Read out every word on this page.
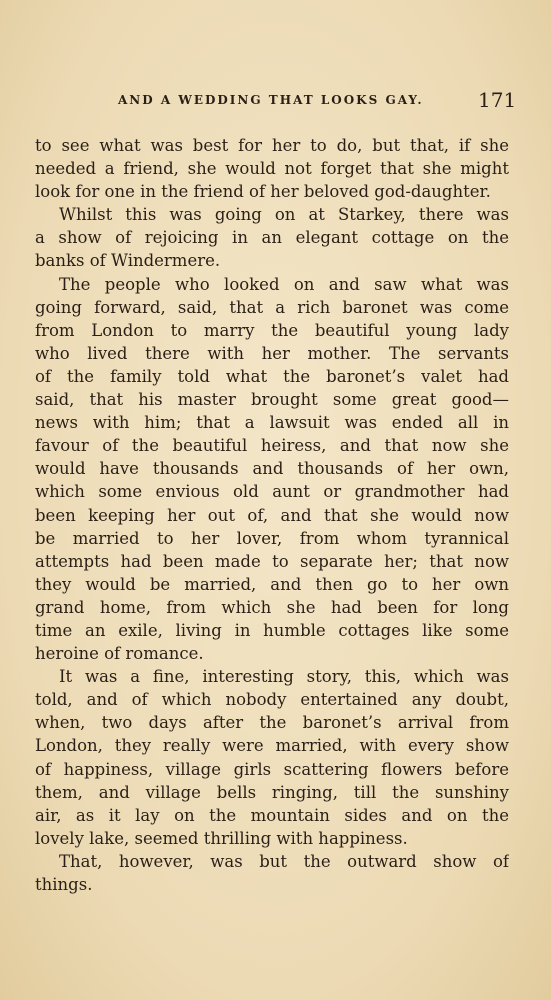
AND A WEDDING THAT LOOKS GAY.	171
to see what was best for her to do, but that, if she
needed a friend, she would not forget that she might
look for one in the friend of her beloved god-daughter.
Whilst this was going on at Starkey, there was
a show of rejoicing in an elegant cottage on the
banks of Windermere.
The people who looked on and saw what was
going forward, said, that a rich baronet was come
from London to marry the beautiful young lady
who lived there with her mother. The servants
of the family told what the baronet’s valet had
said, that his master brought some great good—
news with him; that a lawsuit was ended all in
favour of the beautiful heiress, and that now she
would have thousands and thousands of her own,
which some envious old aunt or grandmother had
been keeping her out of, and that she would now
be married to her lover, from whom tyrannical
attempts had been made to separate her; that now
they would be married, and then go to her own
grand home, from which she had been for long
time an exile, living in humble cottages like some
heroine of romance.
It was a fine, interesting story, this, which was
told, and of which nobody entertained any doubt,
when, two days after the baronet’s arrival from
London, they really were married, with every show
of happiness, village girls scattering flowers before
them, and village bells ringing, till the sunshiny
air, as it lay on the mountain sides and on the
lovely lake, seemed thrilling with happiness.
That, however, was but the outward show of
things.
